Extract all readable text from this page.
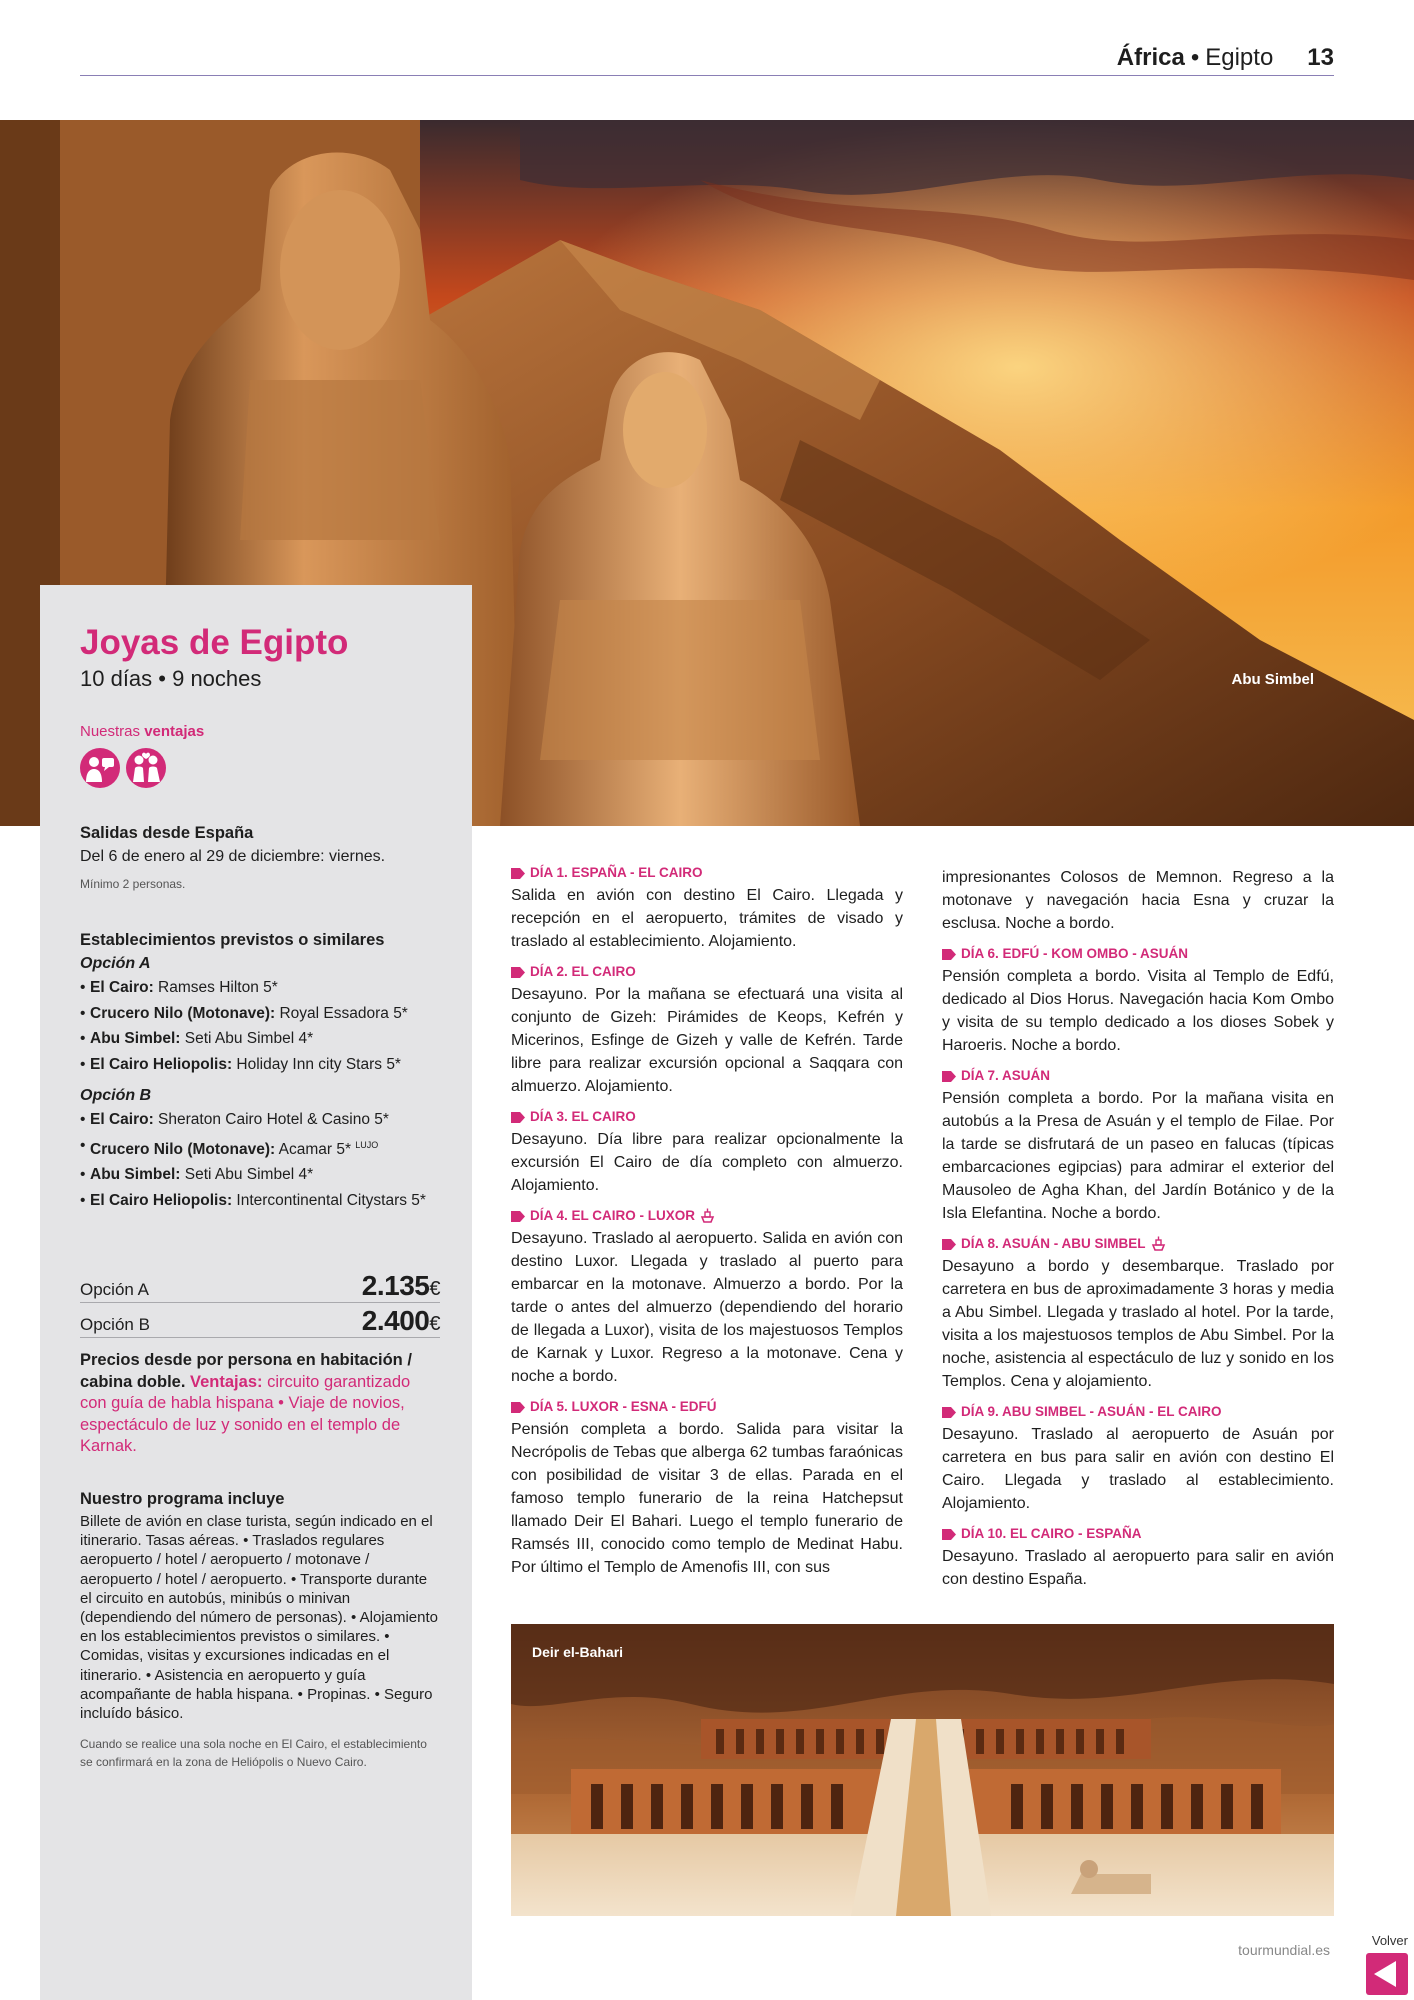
África • Egipto 13
Abu Simbel
Joyas de Egipto
10 días • 9 noches
Nuestras ventajas
Salidas desde España
Del 6 de enero al 29 de diciembre: viernes.
Mínimo 2 personas.
Establecimientos previstos o similares
Opción A
• El Cairo: Ramses Hilton 5*
• Crucero Nilo (Motonave): Royal Essadora 5*
• Abu Simbel: Seti Abu Simbel 4*
• El Cairo Heliopolis: Holiday Inn city Stars 5*
Opción B
• El Cairo: Sheraton Cairo Hotel & Casino 5*
• Crucero Nilo (Motonave): Acamar 5* $^{LUJO}$
• Abu Simbel: Seti Abu Simbel 4*
• El Cairo Heliopolis: Intercontinental Citystars 5*
Opción A	2.135€
Opción B	2.400€
Precios desde por persona en habitación / cabina doble. Ventajas: circuito garantizado con guía de habla hispana • Viaje de novios, espectáculo de luz y sonido en el templo de Karnak.
Nuestro programa incluye
Billete de avión en clase turista, según indicado en el itinerario. Tasas aéreas. • Traslados regulares aeropuerto / hotel / aeropuerto / motonave / aeropuerto / hotel / aeropuerto. • Transporte durante el circuito en autobús, minibús o minivan (dependiendo del número de personas). • Alojamiento en los establecimientos previstos o similares. • Comidas, visitas y excursiones indicadas en el itinerario. • Asistencia en aeropuerto y guía acompañante de habla hispana. • Propinas. • Seguro incluído básico.
Cuando se realice una sola noche en El Cairo, el establecimiento se confirmará en la zona de Heliópolis o Nuevo Cairo.
DÍA 1. ESPAÑA - EL CAIRO
Salida en avión con destino El Cairo. Llegada y recepción en el aeropuerto, trámites de visado y traslado al establecimiento. Alojamiento.
DÍA 2. EL CAIRO
Desayuno. Por la mañana se efectuará una visita al conjunto de Gizeh: Pirámides de Keops, Kefrén y Micerinos, Esfinge de Gizeh y valle de Kefrén. Tarde libre para realizar excursión opcional a Saqqara con almuerzo. Alojamiento.
DÍA 3. EL CAIRO
Desayuno. Día libre para realizar opcionalmente la excursión El Cairo de día completo con almuerzo. Alojamiento.
DÍA 4. EL CAIRO - LUXOR
Desayuno. Traslado al aeropuerto. Salida en avión con destino Luxor. Llegada y traslado al puerto para embarcar en la motonave. Almuerzo a bordo. Por la tarde o antes del almuerzo (dependiendo del horario de llegada a Luxor), visita de los majestuosos Templos de Karnak y Luxor. Regreso a la motonave. Cena y noche a bordo.
DÍA 5. LUXOR - ESNA - EDFÚ
Pensión completa a bordo. Salida para visitar la Necrópolis de Tebas que alberga 62 tumbas faraónicas con posibilidad de visitar 3 de ellas. Parada en el famoso templo funerario de la reina Hatchepsut llamado Deir El Bahari. Luego el templo funerario de Ramsés III, conocido como templo de Medinat Habu. Por último el Templo de Amenofis III, con sus
impresionantes Colosos de Memnon. Regreso a la motonave y navegación hacia Esna y cruzar la esclusa. Noche a bordo.
DÍA 6. EDFÚ - KOM OMBO - ASUÁN
Pensión completa a bordo. Visita al Templo de Edfú, dedicado al Dios Horus. Navegación hacia Kom Ombo y visita de su templo dedicado a los dioses Sobek y Haroeris. Noche a bordo.
DÍA 7. ASUÁN
Pensión completa a bordo. Por la mañana visita en autobús a la Presa de Asuán y el templo de Filae. Por la tarde se disfrutará de un paseo en falucas (típicas embarcaciones egipcias) para admirar el exterior del Mausoleo de Agha Khan, del Jardín Botánico y de la Isla Elefantina. Noche a bordo.
DÍA 8. ASUÁN - ABU SIMBEL
Desayuno a bordo y desembarque. Traslado por carretera en bus de aproximadamente 3 horas y media a Abu Simbel. Llegada y traslado al hotel. Por la tarde, visita a los majestuosos templos de Abu Simbel. Por la noche, asistencia al espectáculo de luz y sonido en los Templos. Cena y alojamiento.
DÍA 9. ABU SIMBEL - ASUÁN - EL CAIRO
Desayuno. Traslado al aeropuerto de Asuán por carretera en bus para salir en avión con destino El Cairo. Llegada y traslado al establecimiento. Alojamiento.
DÍA 10. EL CAIRO - ESPAÑA
Desayuno. Traslado al aeropuerto para salir en avión con destino España.
Deir el-Bahari
tourmundial.es
Volver
